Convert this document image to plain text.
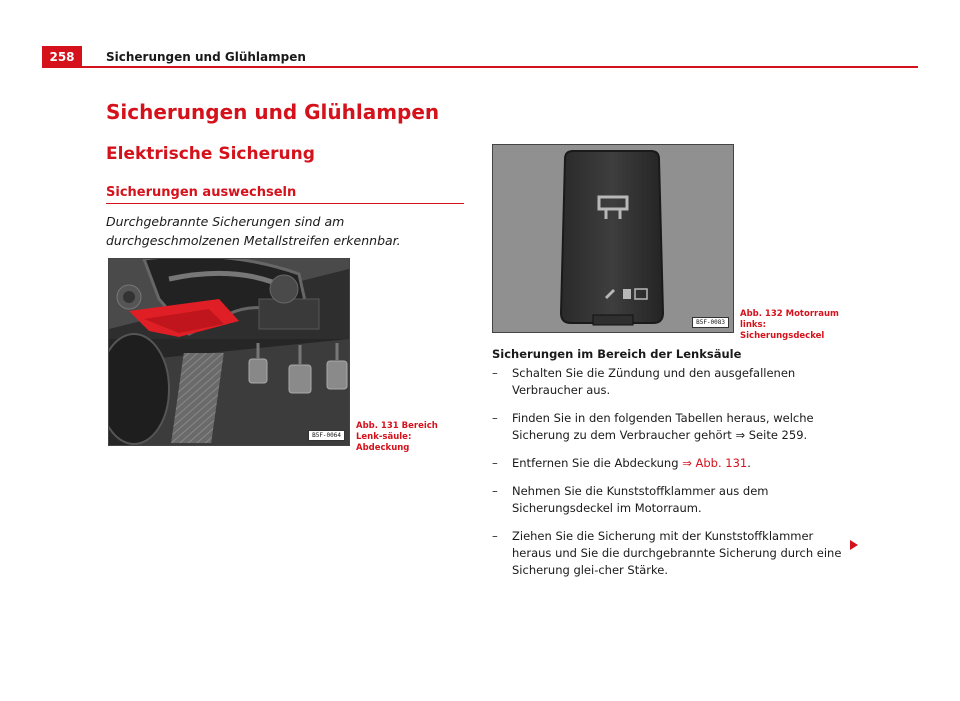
258	Sicherungen und Glühlampen
Sicherungen und Glühlampen
Elektrische Sicherung
Sicherungen auswechseln
Durchgebrannte Sicherungen sind am durchgeschmolzenen Metallstreifen erkennbar.
B5F-0064
Abb. 131 Bereich Lenk-säule: Abdeckung
B5F-0083
Abb. 132 Motorraum links: Sicherungsdeckel
Sicherungen im Bereich der Lenksäule
–	Schalten Sie die Zündung und den ausgefallenen Verbraucher aus.
–	Finden Sie in den folgenden Tabellen heraus, welche Sicherung zu dem Verbraucher gehört ⇒ Seite 259.
–	Entfernen Sie die Abdeckung ⇒ Abb. 131.
–	Nehmen Sie die Kunststoffklammer aus dem Sicherungsdeckel im Motorraum.
–	Ziehen Sie die Sicherung mit der Kunststoffklammer heraus und Sie die durchgebrannte Sicherung durch eine Sicherung glei-cher Stärke.
